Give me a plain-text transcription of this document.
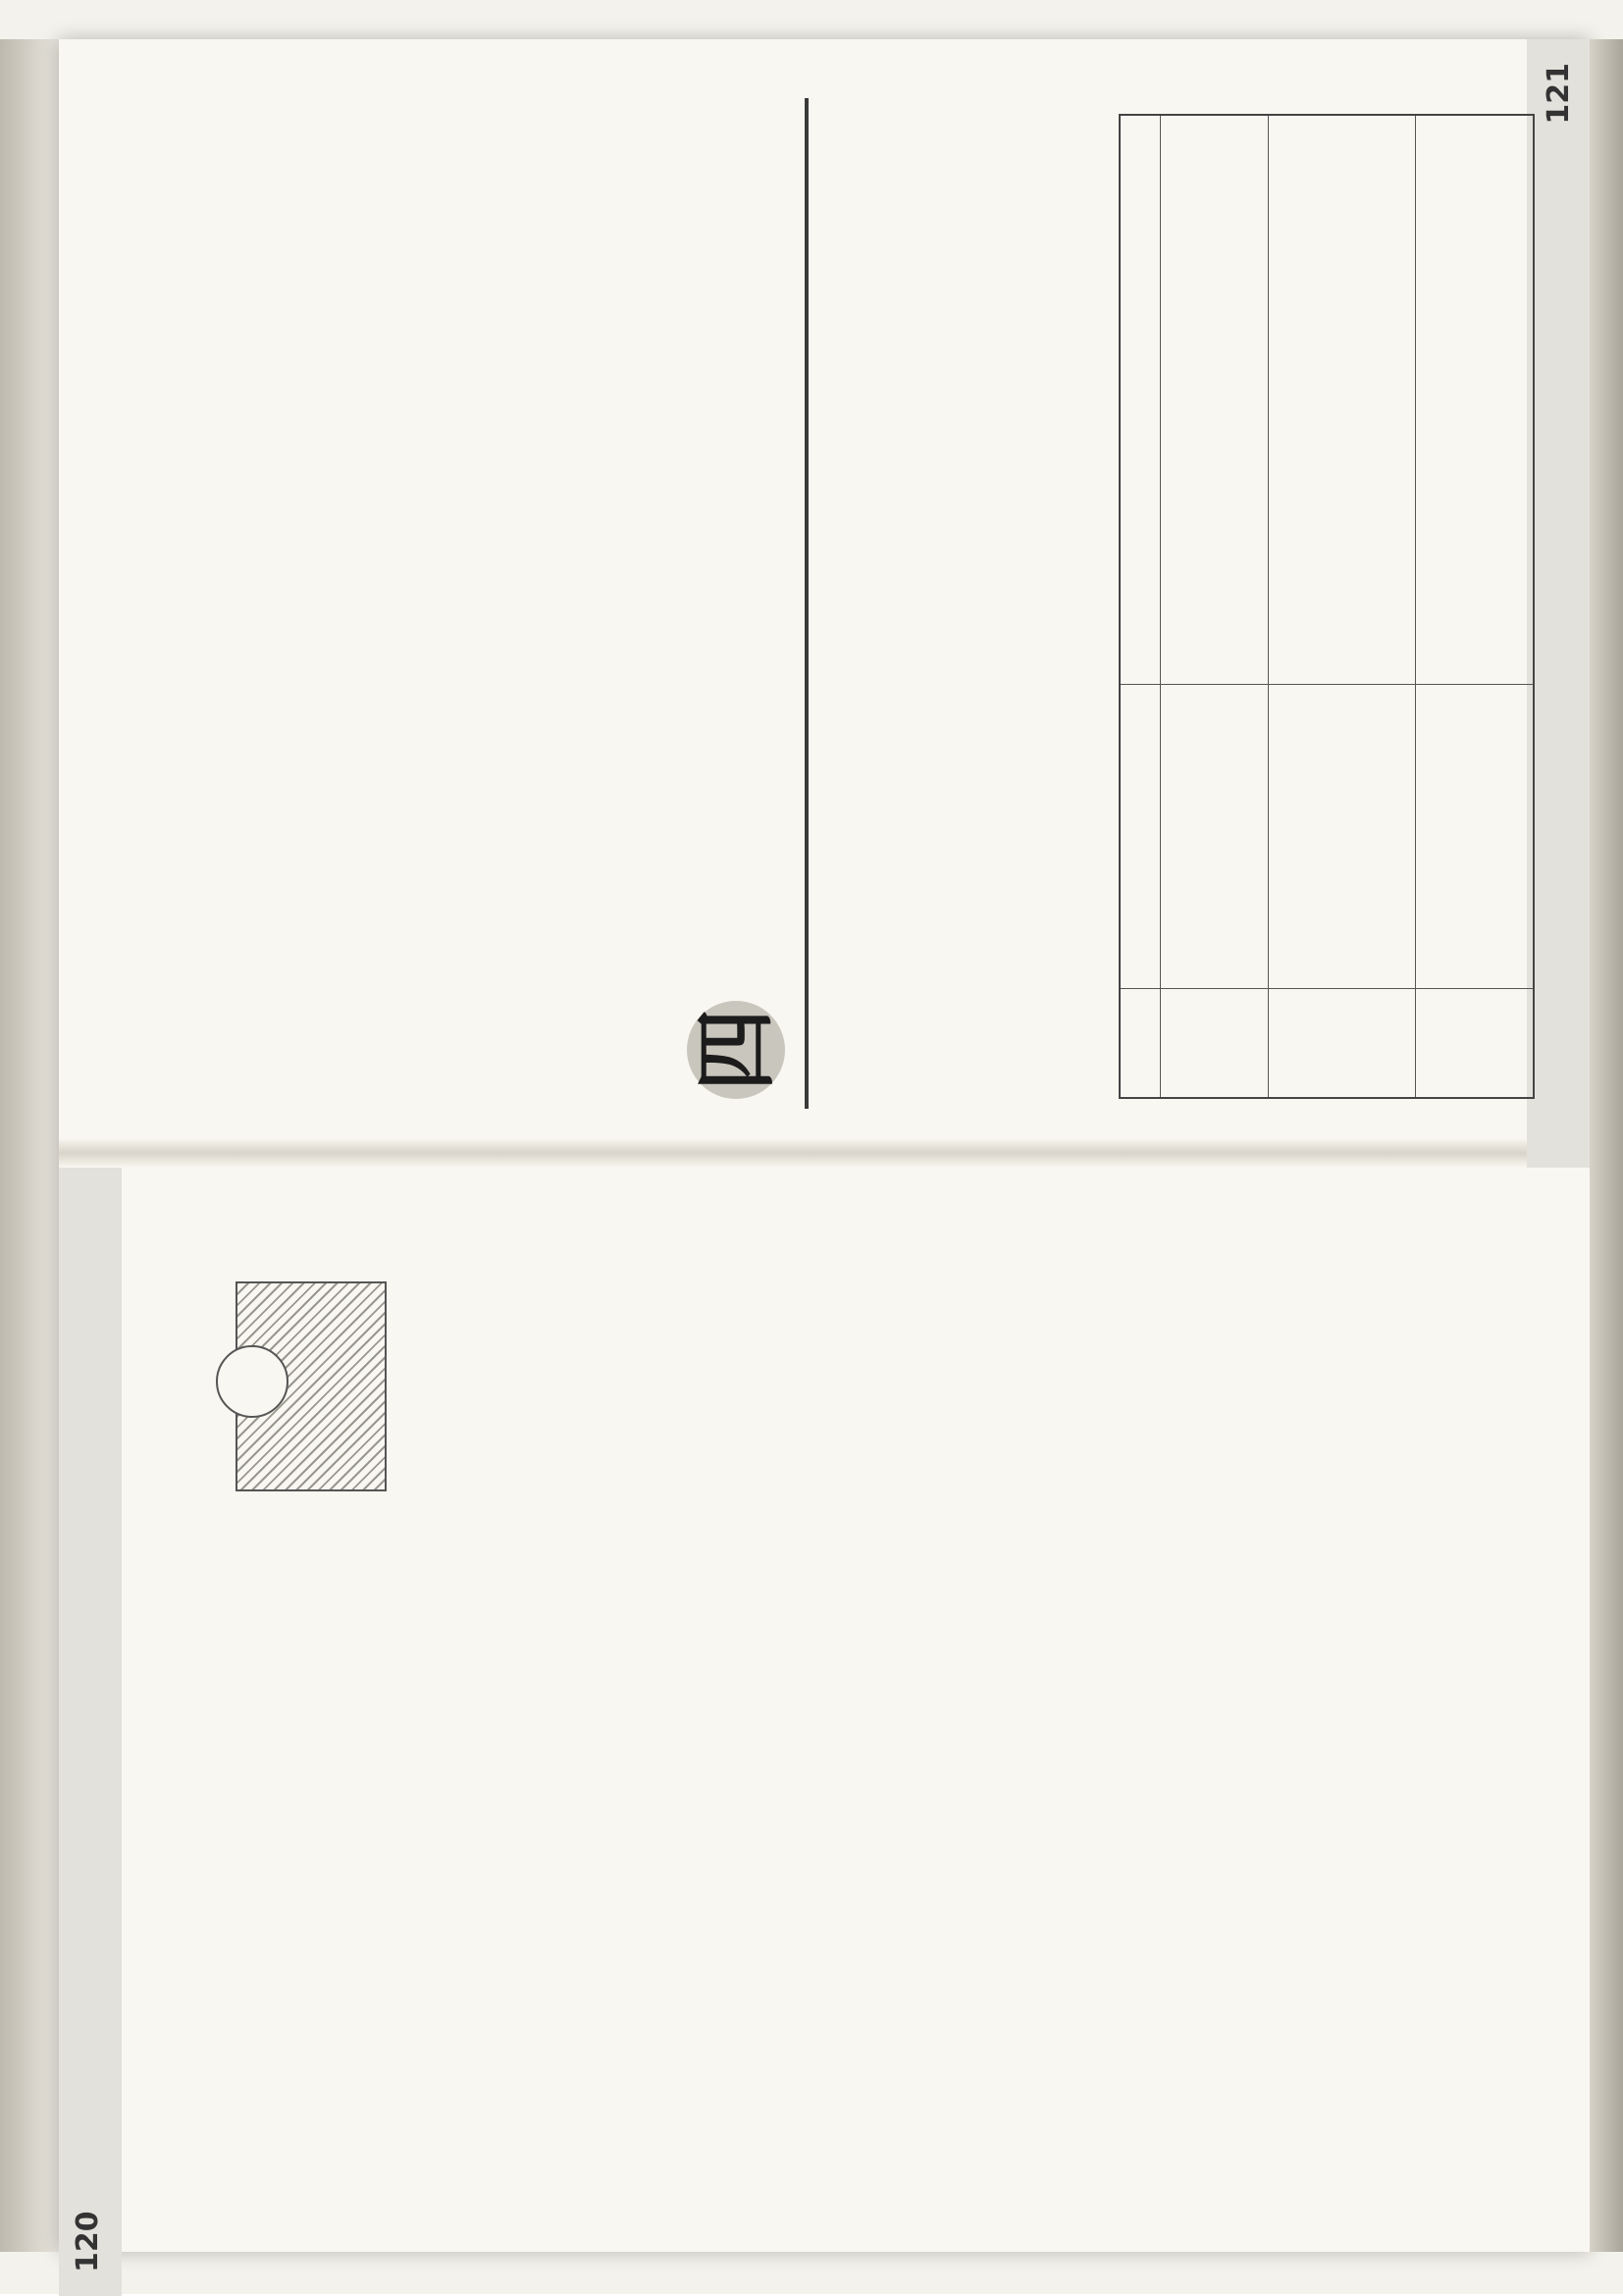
121
四
120
